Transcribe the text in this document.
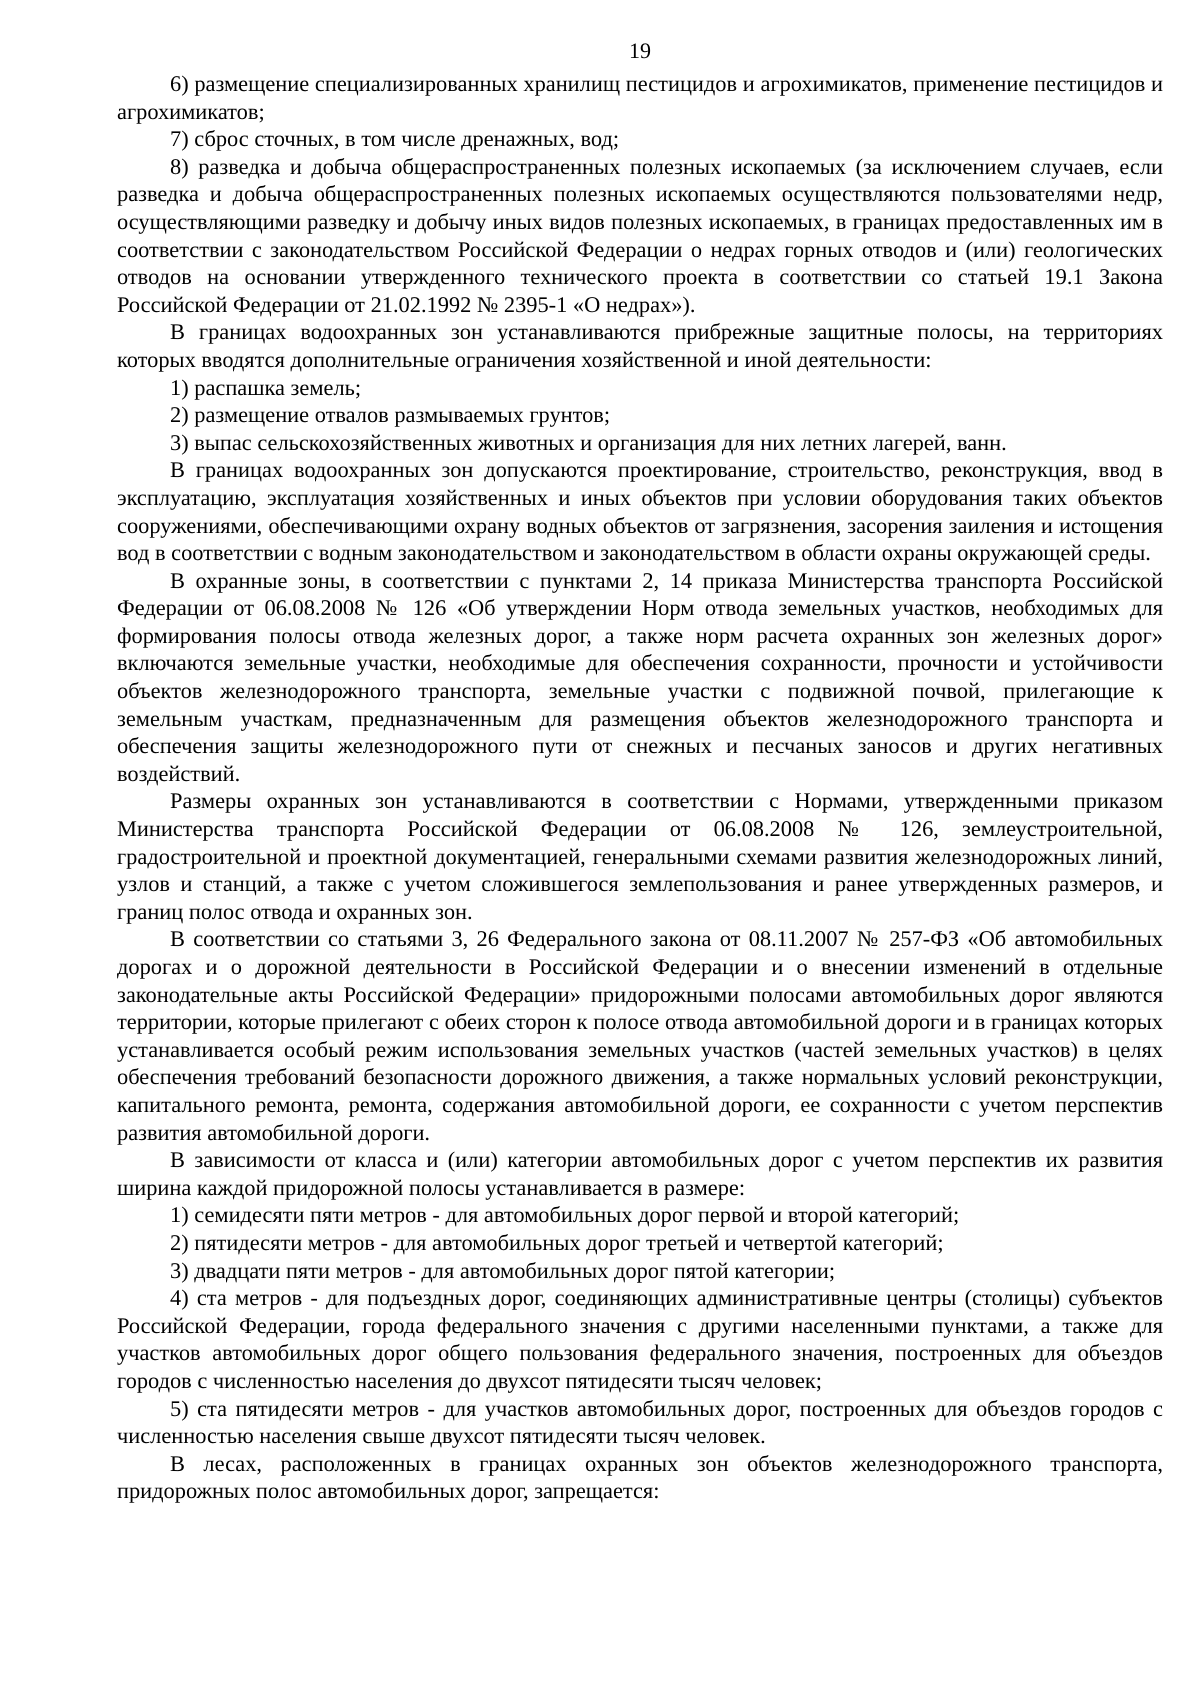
19

6) размещение специализированных хранилищ пестицидов и агрохимикатов, применение пестицидов и агрохимикатов;

7) сброс сточных, в том числе дренажных, вод;

8) разведка и добыча общераспространенных полезных ископаемых (за исключением случаев, если разведка и добыча общераспространенных полезных ископаемых осуществляются пользователями недр, осуществляющими разведку и добычу иных видов полезных ископаемых, в границах предоставленных им в соответствии с законодательством Российской Федерации о недрах горных отводов и (или) геологических отводов на основании утвержденного технического проекта в соответствии со статьей 19.1 Закона Российской Федерации от 21.02.1992 № 2395-1 «О недрах»).

В границах водоохранных зон устанавливаются прибрежные защитные полосы, на территориях которых вводятся дополнительные ограничения хозяйственной и иной деятельности:

1) распашка земель;

2) размещение отвалов размываемых грунтов;

3) выпас сельскохозяйственных животных и организация для них летних лагерей, ванн.

В границах водоохранных зон допускаются проектирование, строительство, реконструкция, ввод в эксплуатацию, эксплуатация хозяйственных и иных объектов при условии оборудования таких объектов сооружениями, обеспечивающими охрану водных объектов от загрязнения, засорения заиления и истощения вод в соответствии с водным законодательством и законодательством в области охраны окружающей среды.

В охранные зоны, в соответствии с пунктами 2, 14 приказа Министерства транспорта Российской Федерации от 06.08.2008 № 126 «Об утверждении Норм отвода земельных участков, необходимых для формирования полосы отвода железных дорог, а также норм расчета охранных зон железных дорог» включаются земельные участки, необходимые для обеспечения сохранности, прочности и устойчивости объектов железнодорожного транспорта, земельные участки с подвижной почвой, прилегающие к земельным участкам, предназначенным для размещения объектов железнодорожного транспорта и обеспечения защиты железнодорожного пути от снежных и песчаных заносов и других негативных воздействий.

Размеры охранных зон устанавливаются в соответствии с Нормами, утвержденными приказом Министерства транспорта Российской Федерации от 06.08.2008 № 126, землеустроительной, градостроительной и проектной документацией, генеральными схемами развития железнодорожных линий, узлов и станций, а также с учетом сложившегося землепользования и ранее утвержденных размеров, и границ полос отвода и охранных зон.

В соответствии со статьями 3, 26 Федерального закона от 08.11.2007 № 257-ФЗ «Об автомобильных дорогах и о дорожной деятельности в Российской Федерации и о внесении изменений в отдельные законодательные акты Российской Федерации» придорожными полосами автомобильных дорог являются территории, которые прилегают с обеих сторон к полосе отвода автомобильной дороги и в границах которых устанавливается особый режим использования земельных участков (частей земельных участков) в целях обеспечения требований безопасности дорожного движения, а также нормальных условий реконструкции, капитального ремонта, ремонта, содержания автомобильной дороги, ее сохранности с учетом перспектив развития автомобильной дороги.

В зависимости от класса и (или) категории автомобильных дорог с учетом перспектив их развития ширина каждой придорожной полосы устанавливается в размере:

1) семидесяти пяти метров - для автомобильных дорог первой и второй категорий;

2) пятидесяти метров - для автомобильных дорог третьей и четвертой категорий;

3) двадцати пяти метров - для автомобильных дорог пятой категории;

4) ста метров - для подъездных дорог, соединяющих административные центры (столицы) субъектов Российской Федерации, города федерального значения с другими населенными пунктами, а также для участков автомобильных дорог общего пользования федерального значения, построенных для объездов городов с численностью населения до двухсот пятидесяти тысяч человек;

5) ста пятидесяти метров - для участков автомобильных дорог, построенных для объездов городов с численностью населения свыше двухсот пятидесяти тысяч человек.

В лесах, расположенных в границах охранных зон объектов железнодорожного транспорта, придорожных полос автомобильных дорог, запрещается:
